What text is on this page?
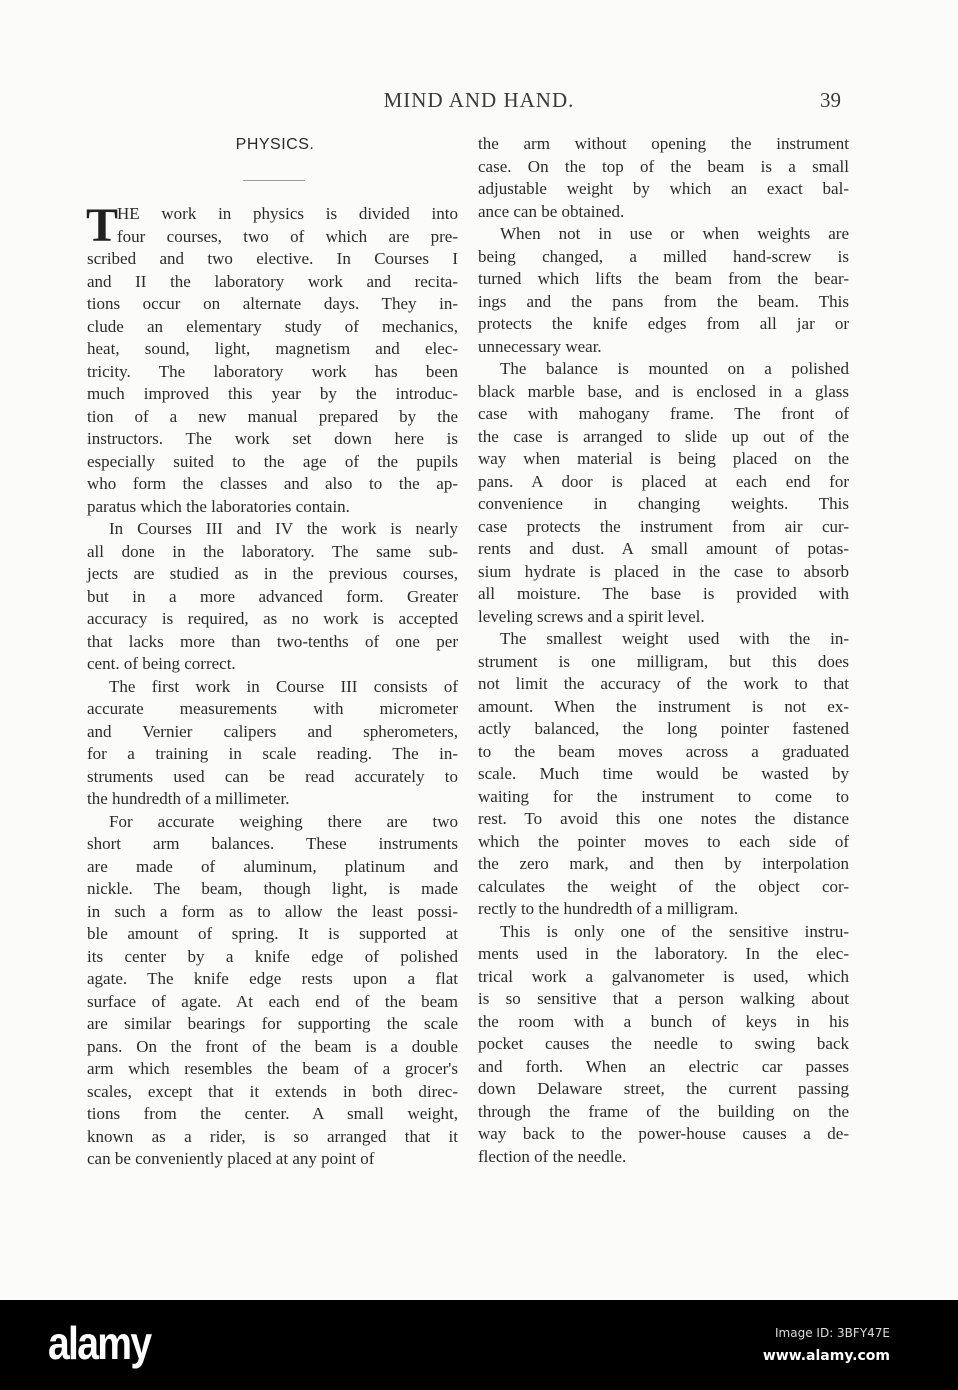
MIND AND HAND.	39
PHYSICS.
T
HE work in physics is divided into
four courses, two of which are pre-
scribed and two elective. In Courses I
and II the laboratory work and recita-
tions occur on alternate days. They in-
clude an elementary study of mechanics,
heat, sound, light, magnetism and elec-
tricity. The laboratory work has been
much improved this year by the introduc-
tion of a new manual prepared by the
instructors. The work set down here is
especially suited to the age of the pupils
who form the classes and also to the ap-
paratus which the laboratories contain.
In Courses III and IV the work is nearly
all done in the laboratory. The same sub-
jects are studied as in the previous courses,
but in a more advanced form. Greater
accuracy is required, as no work is accepted
that lacks more than two-tenths of one per
cent. of being correct.
The first work in Course III consists of
accurate measurements with micrometer
and Vernier calipers and spherometers,
for a training in scale reading. The in-
struments used can be read accurately to
the hundredth of a millimeter.
For accurate weighing there are two
short arm balances. These instruments
are made of aluminum, platinum and
nickle. The beam, though light, is made
in such a form as to allow the least possi-
ble amount of spring. It is supported at
its center by a knife edge of polished
agate. The knife edge rests upon a flat
surface of agate. At each end of the beam
are similar bearings for supporting the scale
pans. On the front of the beam is a double
arm which resembles the beam of a grocer's
scales, except that it extends in both direc-
tions from the center. A small weight,
known as a rider, is so arranged that it
can be conveniently placed at any point of
the arm without opening the instrument
case. On the top of the beam is a small
adjustable weight by which an exact bal-
ance can be obtained.
When not in use or when weights are
being changed, a milled hand-screw is
turned which lifts the beam from the bear-
ings and the pans from the beam. This
protects the knife edges from all jar or
unnecessary wear.
The balance is mounted on a polished
black marble base, and is enclosed in a glass
case with mahogany frame. The front of
the case is arranged to slide up out of the
way when material is being placed on the
pans. A door is placed at each end for
convenience in changing weights. This
case protects the instrument from air cur-
rents and dust. A small amount of potas-
sium hydrate is placed in the case to absorb
all moisture. The base is provided with
leveling screws and a spirit level.
The smallest weight used with the in-
strument is one milligram, but this does
not limit the accuracy of the work to that
amount. When the instrument is not ex-
actly balanced, the long pointer fastened
to the beam moves across a graduated
scale. Much time would be wasted by
waiting for the instrument to come to
rest. To avoid this one notes the distance
which the pointer moves to each side of
the zero mark, and then by interpolation
calculates the weight of the object cor-
rectly to the hundredth of a milligram.
This is only one of the sensitive instru-
ments used in the laboratory. In the elec-
trical work a galvanometer is used, which
is so sensitive that a person walking about
the room with a bunch of keys in his
pocket causes the needle to swing back
and forth. When an electric car passes
down Delaware street, the current passing
through the frame of the building on the
way back to the power-house causes a de-
flection of the needle.
alamy	Image ID: 3BFY47E
www.alamy.com
